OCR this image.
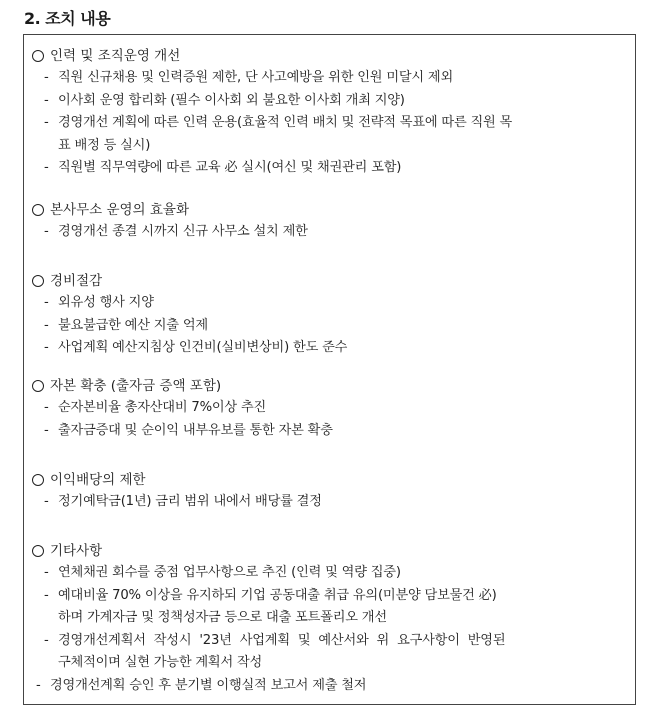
2. 조치 내용
인력 및 조직운영 개선
- 직원 신규채용 및 인력증원 제한, 단 사고예방을 위한 인원 미달시 제외
- 이사회 운영 합리화 (필수 이사회 외 불요한 이사회 개최 지양)
- 경영개선 계획에 따른 인력 운용(효율적 인력 배치 및 전략적 목표에 따른 직원 목
표 배정 등 실시)
- 직원별 직무역량에 따른 교육 必 실시(여신 및 채권관리 포함)
본사무소 운영의 효율화
- 경영개선 종결 시까지 신규 사무소 설치 제한
경비절감
- 외유성 행사 지양
- 불요불급한 예산 지출 억제
- 사업계획 예산지침상 인건비(실비변상비) 한도 준수
자본 확충 (출자금 증액 포함)
- 순자본비율 총자산대비 7%이상 추진
- 출자금증대 및 순이익 내부유보를 통한 자본 확충
이익배당의 제한
- 정기예탁금(1년) 금리 범위 내에서 배당률 결정
기타사항
- 연체채권 회수를 중점 업무사항으로 추진 (인력 및 역량 집중)
- 예대비율 70% 이상을 유지하되 기업 공동대출 취급 유의(미분양 담보물건 必)
하며 가계자금 및 정책성자금 등으로 대출 포트폴리오 개선
- 경영개선계획서 작성시 '23년 사업계획 및 예산서와 위 요구사항이 반영된
구체적이며 실현 가능한 계획서 작성
- 경영개선계획 승인 후 분기별 이행실적 보고서 제출 철저
